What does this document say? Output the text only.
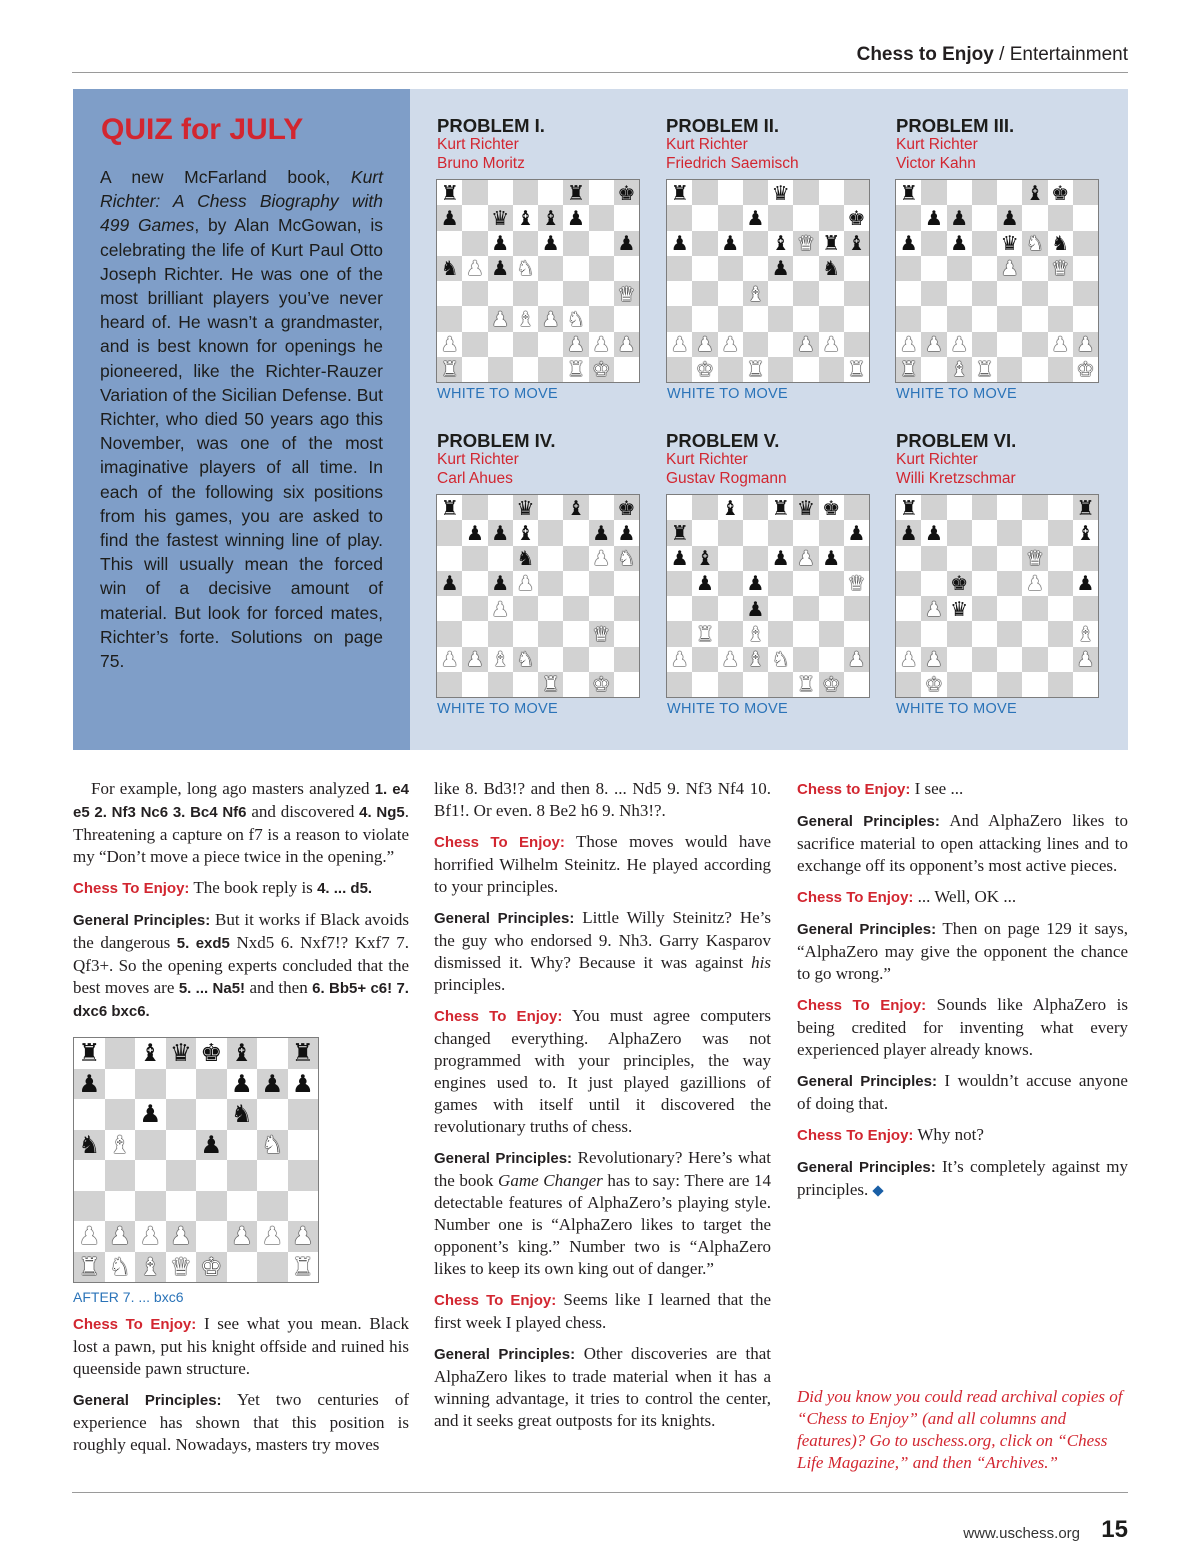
Chess to Enjoy / Entertainment
QUIZ for JULY
A new McFarland book, Kurt Richter: A Chess Biography with 499 Games, by Alan McGowan, is celebrating the life of Kurt Paul Otto Joseph Richter. He was one of the most brilliant players you’ve never heard of. He wasn’t a grandmaster, and is best known for openings he pioneered, like the Richter-Rauzer Variation of the Sicilian Defense. But Richter, who died 50 years ago this November, was one of the most imaginative players of all time. In each of the following six positions from his games, you are asked to find the fastest winning line of play. This will usually mean the forced win of a decisive amount of material. But look for forced mates, Richter’s forte. Solutions on page 75.
PROBLEM I.
Kurt Richter
Bruno Moritz
PROBLEM II.
Kurt Richter
Friedrich Saemisch
PROBLEM III.
Kurt Richter
Victor Kahn
PROBLEM IV.
Kurt Richter
Carl Ahues
PROBLEM V.
Kurt Richter
Gustav Rogmann
PROBLEM VI.
Kurt Richter
Willi Kretzschmar
♜	♜ ♚
♟ ♛ ♝ ♝ ♟
♟ ♟	♟
♞ ♟ ♟ ♞
♛
♟ ♝ ♟ ♞
♟	♟ ♟ ♟
♜	♜ ♚
♜	♛
♟	♚
♟ ♟ ♝ ♛ ♜ ♝
♟ ♞
♝
♟ ♟ ♟	♟ ♟
♚ ♜	♜
♜	♝ ♚
♟ ♟ ♟
♟ ♟ ♛ ♞ ♞
♟ ♛
♟ ♟ ♟	♟ ♟
♜ ♝ ♜	♚
♜	♛ ♝ ♚
♟ ♟ ♝	♟ ♟
♞	♟ ♞
♟ ♟ ♟
♟
♛
♟ ♟ ♝ ♞
♜ ♚
♝ ♜ ♛ ♚
♜	♟
♟ ♝	♟ ♟ ♟
♟ ♟	♛
♟
♜ ♝
♟ ♟ ♝ ♞	♟
♜ ♚
♜	♜
♟ ♟	♝
♛
♚	♟ ♟
♟ ♛
♝
♟ ♟	♟
♚
WHITE TO MOVE	WHITE TO MOVE	WHITE TO MOVE
WHITE TO MOVE	WHITE TO MOVE	WHITE TO MOVE

For example, long ago masters analyzed 1. e4 e5 2. Nf3 Nc6 3. Bc4 Nf6 and discovered 4. Ng5. Threatening a capture on f7 is a reason to violate my “Don’t move a piece twice in the opening.”

Chess To Enjoy: The book reply is 4. ... d5.

General Principles: But it works if Black avoids the dangerous 5. exd5 Nxd5 6. Nxf7!? Kxf7 7. Qf3+. So the opening experts concluded that the best moves are 5. ... Na5! and then 6. Bb5+ c6! 7. dxc6 bxc6.

♜ ♝ ♛ ♚ ♝ ♜
♟	♟ ♟ ♟
♟	♞
♞ ♝	♟ ♞
♟ ♟ ♟ ♟ ♟ ♟ ♟
♜ ♞ ♝ ♛ ♚	♜
AFTER 7. ... bxc6

Chess To Enjoy: I see what you mean. Black lost a pawn, put his knight offside and ruined his queenside pawn structure.

General Principles: Yet two centuries of experience has shown that this position is roughly equal. Nowadays, masters try moves

like 8. Bd3!? and then 8. ... Nd5 9. Nf3 Nf4 10. Bf1!. Or even. 8 Be2 h6 9. Nh3!?.

Chess To Enjoy: Those moves would have horrified Wilhelm Steinitz. He played according to your principles.

General Principles: Little Willy Steinitz? He’s the guy who endorsed 9. Nh3. Garry Kasparov dismissed it. Why? Because it was against his principles.

Chess To Enjoy: You must agree computers changed everything. AlphaZero was not programmed with your principles, the way engines used to. It just played gazillions of games with itself until it discovered the revolutionary truths of chess.

General Principles: Revolutionary? Here’s what the book Game Changer has to say: There are 14 detectable features of AlphaZero’s playing style. Number one is “AlphaZero likes to target the opponent’s king.” Number two is “AlphaZero likes to keep its own king out of danger.”

Chess To Enjoy: Seems like I learned that the first week I played chess.

General Principles: Other discoveries are that AlphaZero likes to trade material when it has a winning advantage, it tries to control the center, and it seeks great outposts for its knights.

Chess to Enjoy: I see ...

General Principles: And AlphaZero likes to sacrifice material to open attacking lines and to exchange off its opponent’s most active pieces.

Chess To Enjoy: ... Well, OK ...

General Principles: Then on page 129 it says, “AlphaZero may give the opponent the chance to go wrong.”

Chess To Enjoy: Sounds like AlphaZero is being credited for inventing what every experienced player already knows.

General Principles: I wouldn’t accuse anyone of doing that.

Chess To Enjoy: Why not?

General Principles: It’s completely against my principles.

Did you know you could read archival copies of “Chess to Enjoy” (and all columns and features)? Go to uschess.org, click on “Chess Life Magazine,” and then “Archives.”
www.uschess.org 15
